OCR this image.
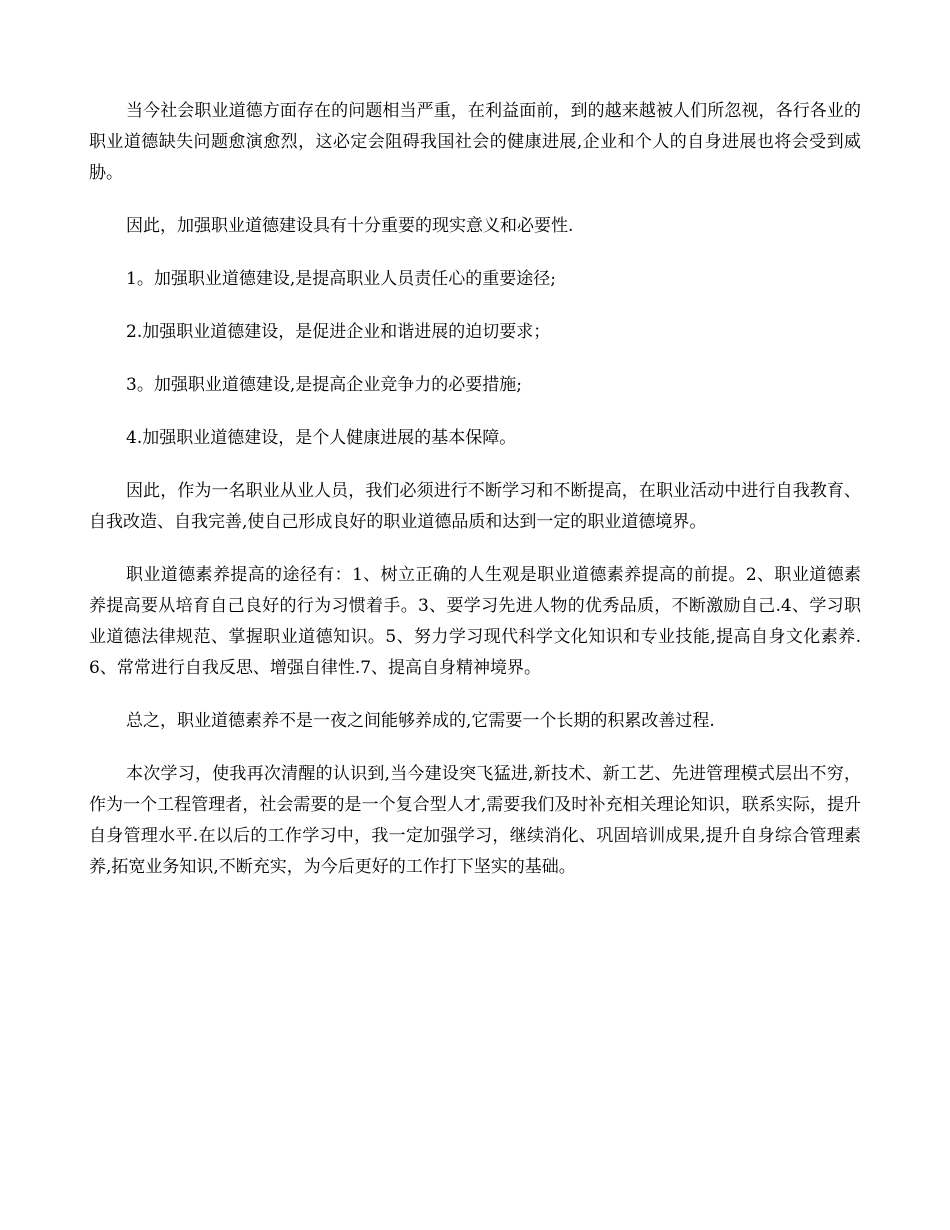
当今社会职业道德方面存在的问题相当严重，在利益面前，到的越来越被人们所忽视，各行各业的职业道德缺失问题愈演愈烈，这必定会阻碍我国社会的健康进展,企业和个人的自身进展也将会受到威胁。

因此，加强职业道德建设具有十分重要的现实意义和必要性.

1。加强职业道德建设,是提高职业人员责任心的重要途径;

2.加强职业道德建设，是促进企业和谐进展的迫切要求；

3。加强职业道德建设,是提高企业竞争力的必要措施;

4.加强职业道德建设，是个人健康进展的基本保障。

因此，作为一名职业从业人员，我们必须进行不断学习和不断提高，在职业活动中进行自我教育、自我改造、自我完善,使自己形成良好的职业道德品质和达到一定的职业道德境界。

职业道德素养提高的途径有：1、树立正确的人生观是职业道德素养提高的前提。2、职业道德素养提高要从培育自己良好的行为习惯着手。3、要学习先进人物的优秀品质，不断激励自己.4、学习职业道德法律规范、掌握职业道德知识。5、努力学习现代科学文化知识和专业技能,提高自身文化素养.6、常常进行自我反思、增强自律性.7、提高自身精神境界。

总之，职业道德素养不是一夜之间能够养成的,它需要一个长期的积累改善过程.

本次学习，使我再次清醒的认识到,当今建设突飞猛进,新技术、新工艺、先进管理模式层出不穷，作为一个工程管理者，社会需要的是一个复合型人才,需要我们及时补充相关理论知识，联系实际，提升自身管理水平.在以后的工作学习中，我一定加强学习，继续消化、巩固培训成果,提升自身综合管理素养,拓宽业务知识,不断充实，为今后更好的工作打下坚实的基础。
